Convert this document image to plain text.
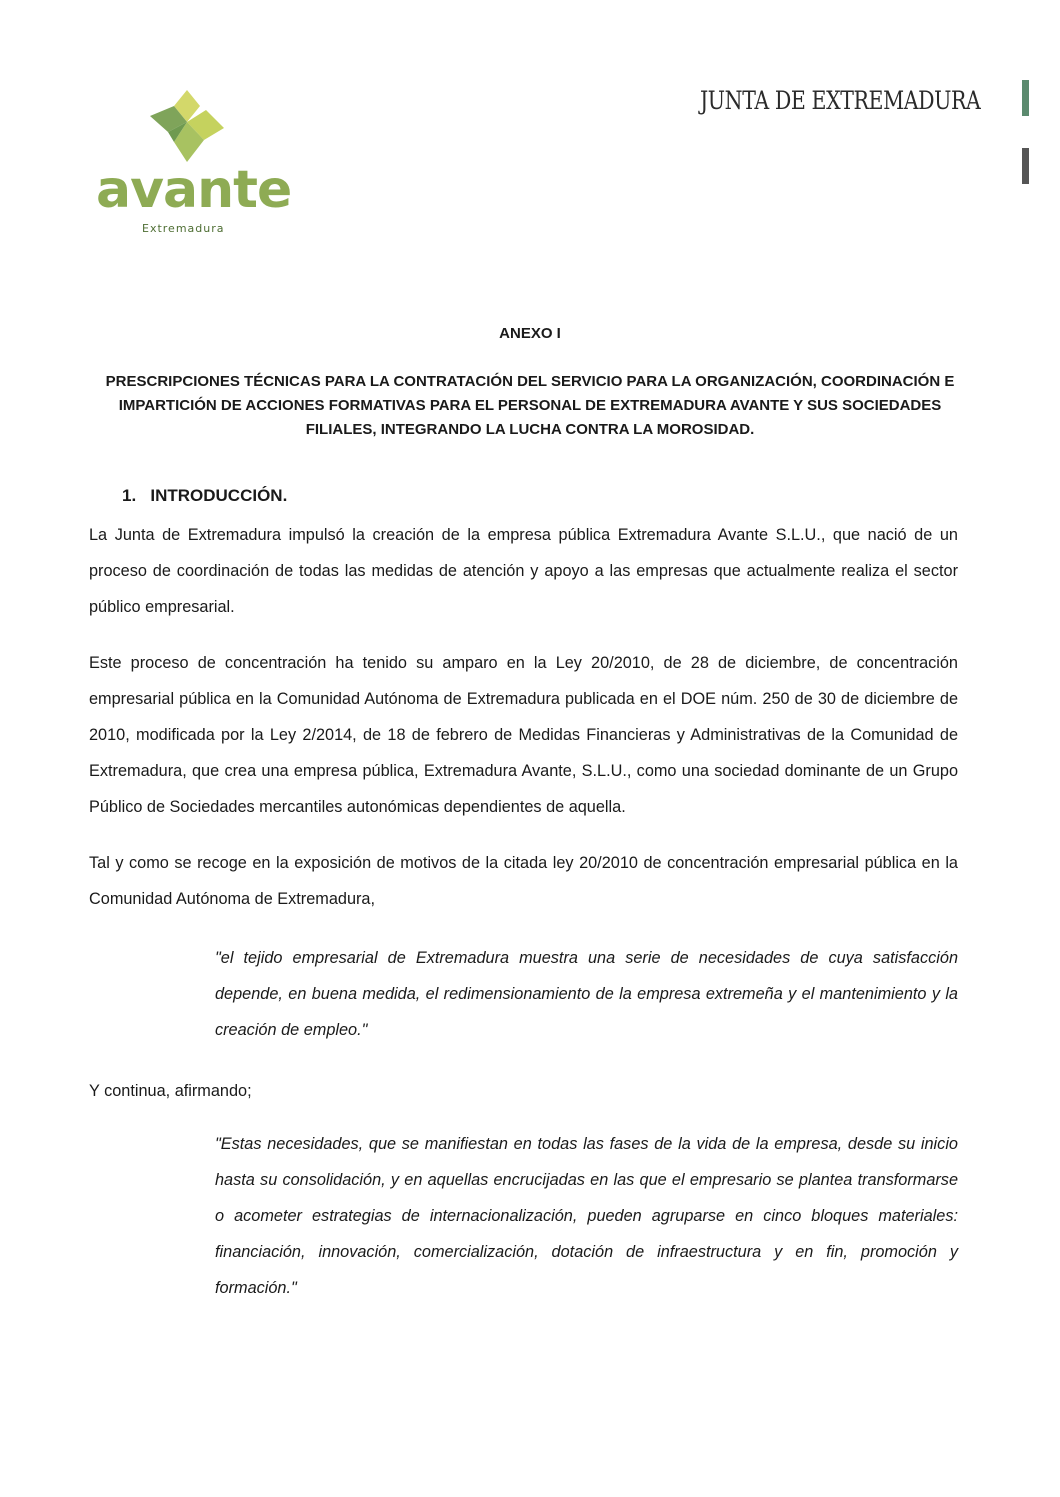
avante
Extremadura
JUNTA DE EXTREMADURA
ANEXO I
PRESCRIPCIONES TÉCNICAS PARA LA CONTRATACIÓN DEL SERVICIO PARA LA ORGANIZACIÓN, COORDINACIÓN E IMPARTICIÓN DE ACCIONES FORMATIVAS PARA EL PERSONAL DE EXTREMADURA AVANTE Y SUS SOCIEDADES FILIALES, INTEGRANDO LA LUCHA CONTRA LA MOROSIDAD.
1. INTRODUCCIÓN.

La Junta de Extremadura impulsó la creación de la empresa pública Extremadura Avante S.L.U., que nació de un proceso de coordinación de todas las medidas de atención y apoyo a las empresas que actualmente realiza el sector público empresarial.

Este proceso de concentración ha tenido su amparo en la Ley 20/2010, de 28 de diciembre, de concentración empresarial pública en la Comunidad Autónoma de Extremadura publicada en el DOE núm. 250 de 30 de diciembre de 2010, modificada por la Ley 2/2014, de 18 de febrero de Medidas Financieras y Administrativas de la Comunidad de Extremadura, que crea una empresa pública, Extremadura Avante, S.L.U., como una sociedad dominante de un Grupo Público de Sociedades mercantiles autonómicas dependientes de aquella.

Tal y como se recoge en la exposición de motivos de la citada ley 20/2010 de concentración empresarial pública en la Comunidad Autónoma de Extremadura,

"el tejido empresarial de Extremadura muestra una serie de necesidades de cuya satisfacción depende, en buena medida, el redimensionamiento de la empresa extremeña y el mantenimiento y la creación de empleo."

Y continua, afirmando;

"Estas necesidades, que se manifiestan en todas las fases de la vida de la empresa, desde su inicio hasta su consolidación, y en aquellas encrucijadas en las que el empresario se plantea transformarse o acometer estrategias de internacionalización, pueden agruparse en cinco bloques materiales: financiación, innovación, comercialización, dotación de infraestructura y en fin, promoción y formación."
